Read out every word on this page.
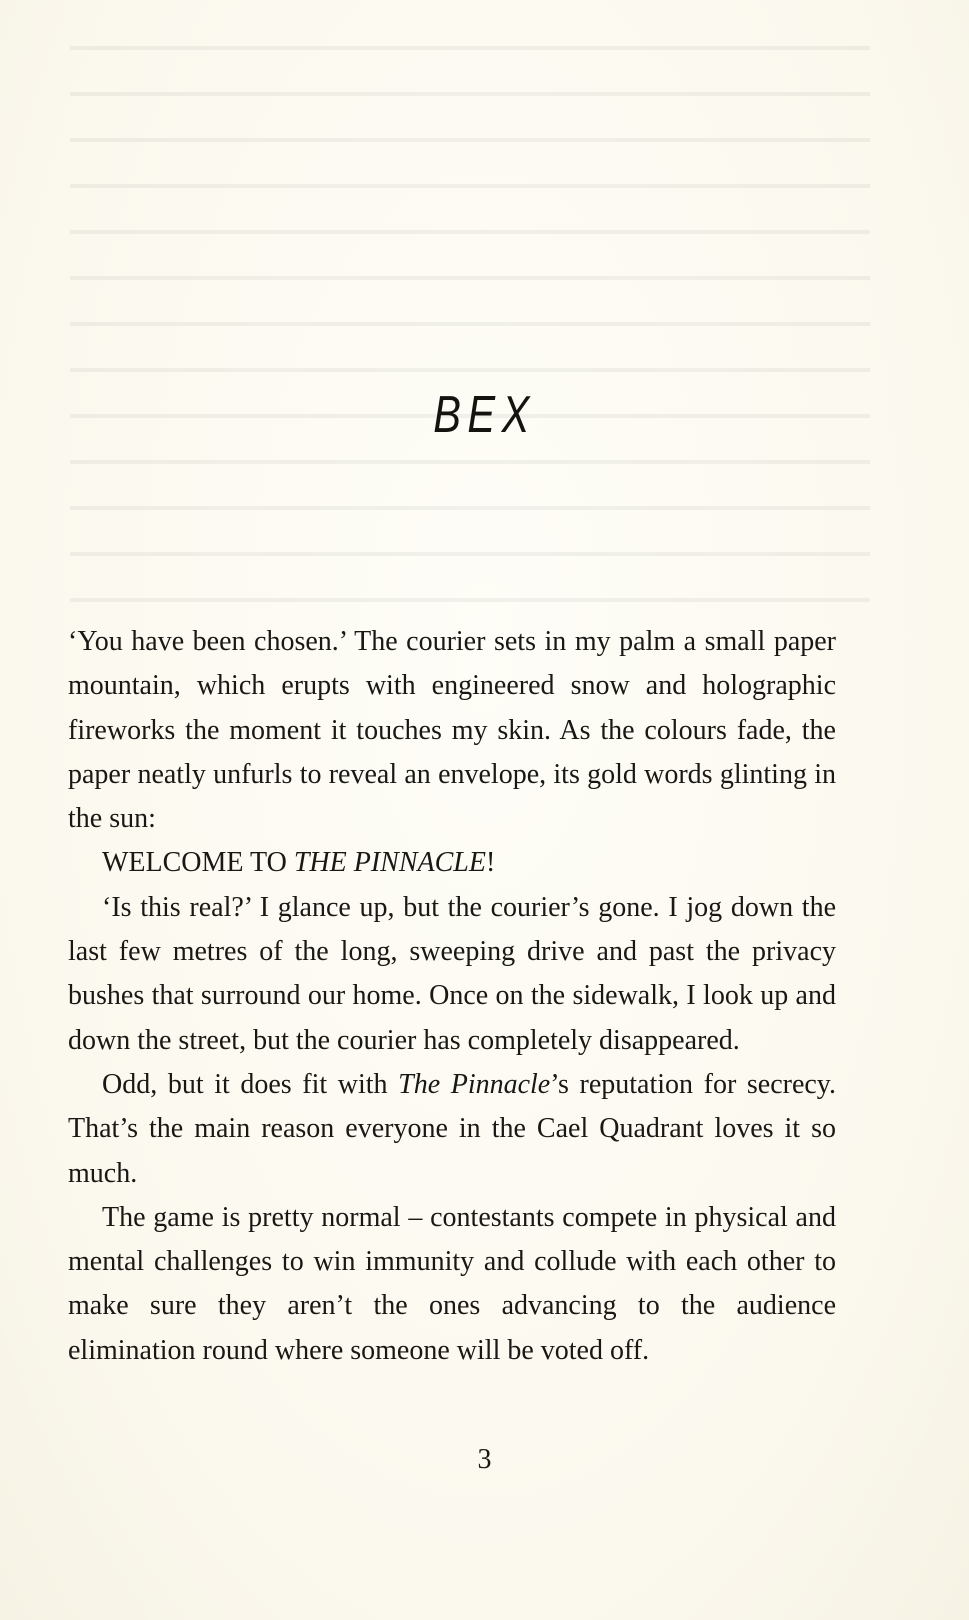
BEX

‘You have been chosen.’ The courier sets in my palm a small paper mountain, which erupts with engineered snow and holographic fireworks the moment it touches my skin. As the colours fade, the paper neatly unfurls to reveal an envelope, its gold words glinting in the sun:

WELCOME TO THE PINNACLE!

‘Is this real?’ I glance up, but the courier’s gone. I jog down the last few metres of the long, sweeping drive and past the privacy bushes that surround our home. Once on the sidewalk, I look up and down the street, but the courier has completely disappeared.

Odd, but it does fit with The Pinnacle’s reputation for secrecy. That’s the main reason everyone in the Cael Quadrant loves it so much.

The game is pretty normal – contestants compete in physical and mental challenges to win immunity and collude with each other to make sure they aren’t the ones advancing to the audience elimination round where someone will be voted off.

3
